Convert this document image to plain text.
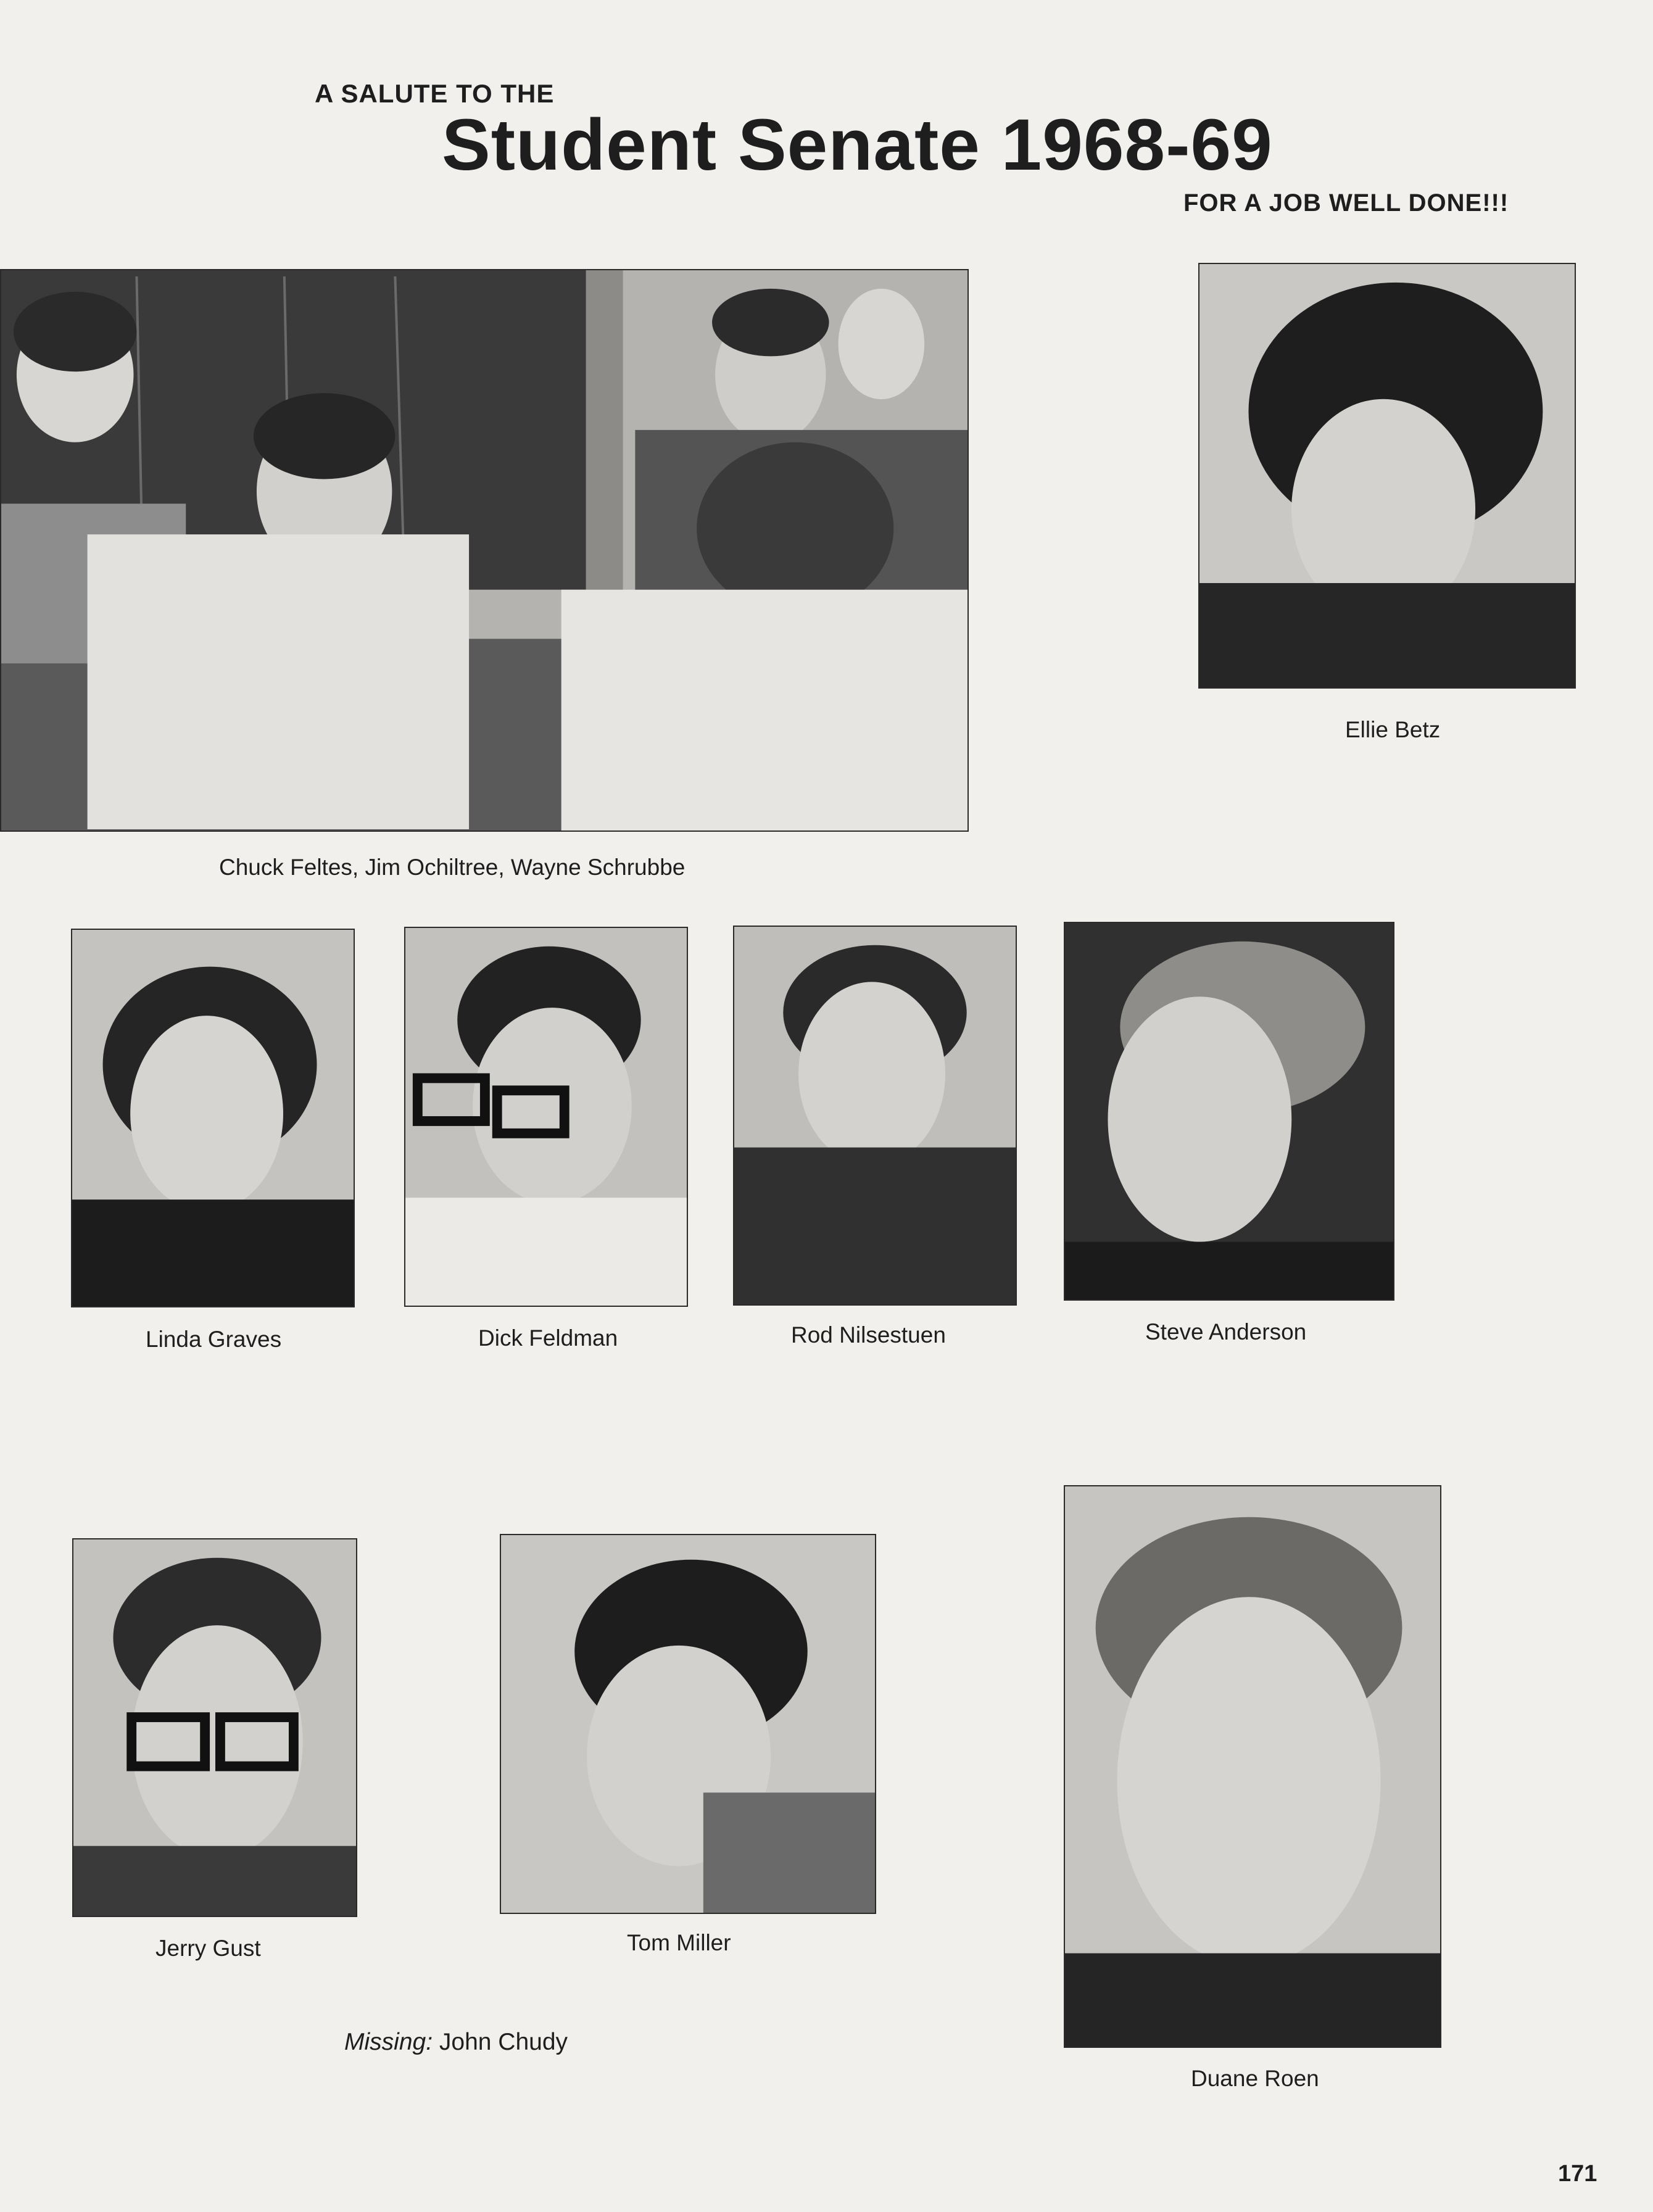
A SALUTE TO THE
Student Senate 1968-69
FOR A JOB WELL DONE!!!
Chuck Feltes, Jim Ochiltree, Wayne Schrubbe
Ellie Betz
Linda Graves	Dick Feldman	Rod Nilsestuen	Steve Anderson
Jerry Gust	Tom Miller
Duane Roen
Missing: John Chudy
171
